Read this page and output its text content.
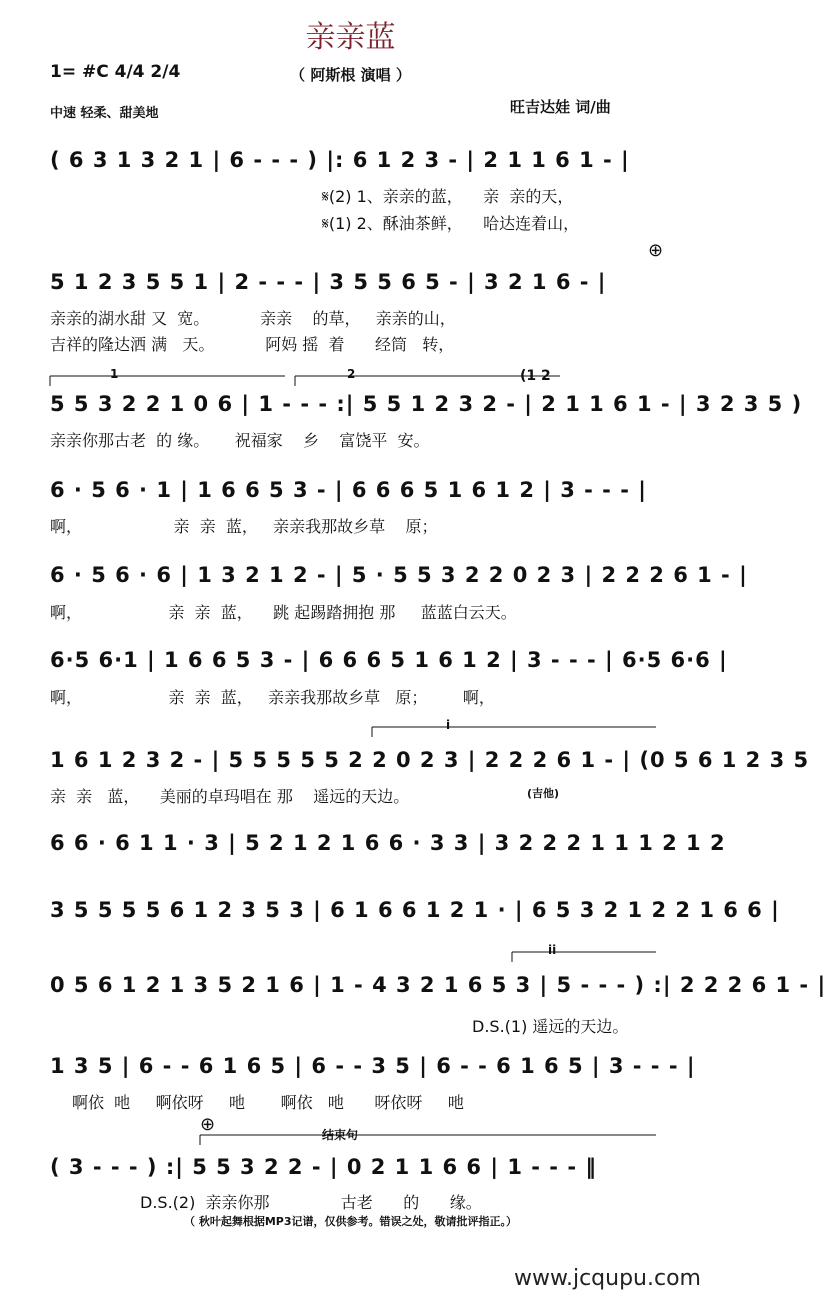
亲亲蓝
1= #C 4/4 2/4	（ 阿斯根 演唱 ）
中速 轻柔、甜美地	旺吉达娃 词/曲
( 6 3 1 3 2 1 | 6 - - - ) |: 6 1 2 3 - | 2 1 1 6 1 - |
5 1 2 3 5 5 1 | 2 - - - | 3 5 5 6 5 - | 3 2 1 6 - |
5 5 3 2 2 1 0 6 | 1 - - - :| 5 5 1 2 3 2 - | 2 1 1 6 1 - | 3 2 3 5 )
6 · 5 6 · 1 | 1 6 6 5 3 - | 6 6 6 5 1 6 1 2 | 3 - - - |
6 · 5 6 · 6 | 1 3 2 1 2 - | 5 · 5 5 3 2 2 0 2 3 | 2 2 2 6 1 - |
6·5 6·1 | 1 6 6 5 3 - | 6 6 6 5 1 6 1 2 | 3 - - - | 6·5 6·6 |
1 6 1 2 3 2 - | 5 5 5 5 5 2 2 0 2 3 | 2 2 2 6 1 - | (0 5 6 1 2 3 5
6 6 · 6 1 1 · 3 | 5 2 1 2 1 6 6 · 3 3 | 3 2 2 2 1 1 1 2 1 2
3 5 5 5 5 6 1 2 3 5 3 | 6 1 6 6 1 2 1 · | 6 5 3 2 1 2 2 1 6 6 |
0 5 6 1 2 1 3 5 2 1 6 | 1 - 4 3 2 1 6 5 3 | 5 - - - ) :| 2 2 2 6 1 - |
1 3 5 | 6 - - 6 1 6 5 | 6 - - 3 5 | 6 - - 6 1 6 5 | 3 - - - |
( 3 - - - ) :| 5 5 3 2 2 - | 0 2 1 1 6 6 | 1 - - - ‖
𝄋(2) 1、亲亲的蓝，    亲  亲的天，
𝄋(1) 2、酥油茶鲜，    哈达连着山，
亲亲的湖水甜 又  宽。          亲亲    的草，   亲亲的山，
吉祥的隆达洒 满   天。          阿妈 摇  着      经筒   转，
亲亲你那古老  的 缘。     祝福家    乡    富饶平  安。
啊，                  亲  亲  蓝，   亲亲我那故乡草    原；
啊，                 亲  亲  蓝，    跳 起踢踏拥抱 那     蓝蓝白云天。
啊，                 亲  亲  蓝，   亲亲我那故乡草   原；       啊，
亲  亲   蓝，    美丽的卓玛唱在 那    遥远的天边。
D.S.(1) 遥远的天边。
啊依  吔     啊依呀     吔       啊依   吔      呀依呀     吔
D.S.(2)  亲亲你那              古老      的      缘。
1	2	(1 2
i
ii
结束句
(吉他)
⊕
⊕
（ 秋叶起舞根据MP3记谱，仅供参考。错误之处，敬请批评指正。）
www.jcqupu.com
